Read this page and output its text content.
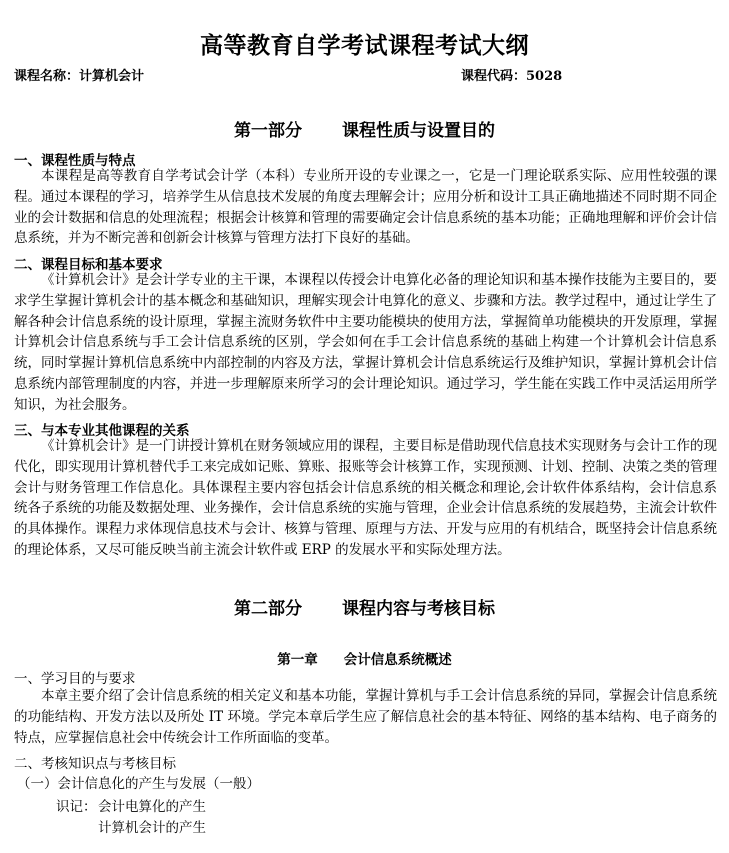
高等教育自学考试课程考试大纲
课程名称：计算机会计	课程代码：5028
第一部分 课程性质与设置目的
一、课程性质与特点

本课程是高等教育自学考试会计学（本科）专业所开设的专业课之一，它是一门理论联系实际、应用性较强的课程。通过本课程的学习，培养学生从信息技术发展的角度去理解会计；应用分析和设计工具正确地描述不同时期不同企业的会计数据和信息的处理流程；根据会计核算和管理的需要确定会计信息系统的基本功能；正确地理解和评价会计信息系统，并为不断完善和创新会计核算与管理方法打下良好的基础。

二、课程目标和基本要求

《计算机会计》是会计学专业的主干课，本课程以传授会计电算化必备的理论知识和基本操作技能为主要目的，要求学生掌握计算机会计的基本概念和基础知识，理解实现会计电算化的意义、步骤和方法。教学过程中，通过让学生了解各种会计信息系统的设计原理，掌握主流财务软件中主要功能模块的使用方法，掌握简单功能模块的开发原理，掌握计算机会计信息系统与手工会计信息系统的区别，学会如何在手工会计信息系统的基础上构建一个计算机会计信息系统，同时掌握计算机信息系统中内部控制的内容及方法，掌握计算机会计信息系统运行及维护知识，掌握计算机会计信息系统内部管理制度的内容，并进一步理解原来所学习的会计理论知识。通过学习，学生能在实践工作中灵活运用所学知识，为社会服务。

三、与本专业其他课程的关系

《计算机会计》是一门讲授计算机在财务领域应用的课程，主要目标是借助现代信息技术实现财务与会计工作的现代化，即实现用计算机替代手工来完成如记账、算账、报账等会计核算工作，实现预测、计划、控制、决策之类的管理会计与财务管理工作信息化。具体课程主要内容包括会计信息系统的相关概念和理论,会计软件体系结构，会计信息系统各子系统的功能及数据处理、业务操作，会计信息系统的实施与管理，企业会计信息系统的发展趋势，主流会计软件的具体操作。课程力求体现信息技术与会计、核算与管理、原理与方法、开发与应用的有机结合，既坚持会计信息系统的理论体系，又尽可能反映当前主流会计软件或 ERP 的发展水平和实际处理方法。

第二部分 课程内容与考核目标
第一章 会计信息系统概述
一、学习目的与要求

本章主要介绍了会计信息系统的相关定义和基本功能，掌握计算机与手工会计信息系统的异同，掌握会计信息系统的功能结构、开发方法以及所处 IT 环境。学完本章后学生应了解信息社会的基本特征、网络的基本结构、电子商务的特点，应掌握信息社会中传统会计工作所面临的变革。

二、考核知识点与考核目标
（一）会计信息化的产生与发展（一般）
识记： 会计电算化的产生
计算机会计的产生
